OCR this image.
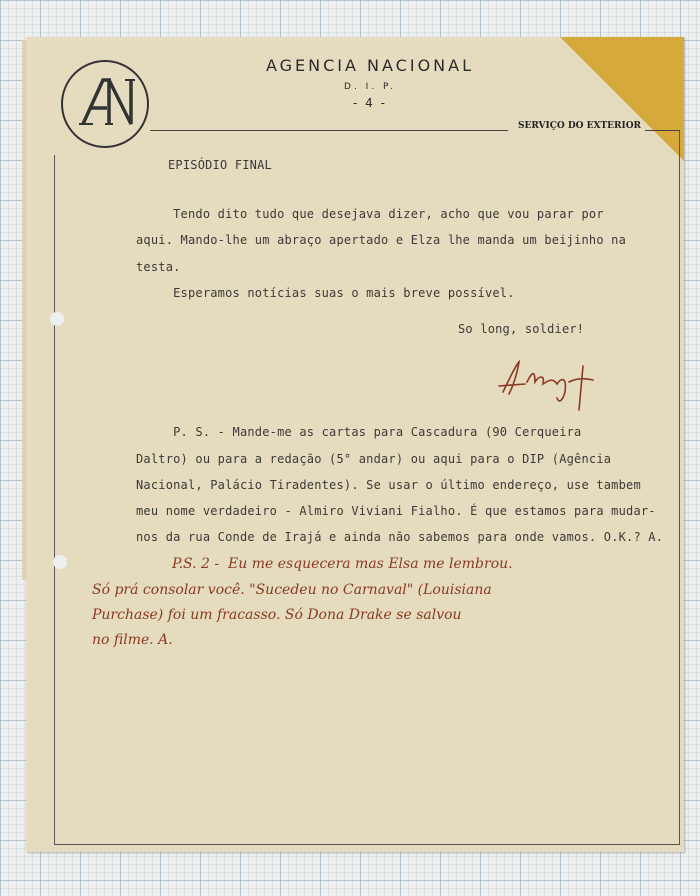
AGENCIA NACIONAL
D. I. P.
- 4 -
SERVIÇO DO EXTERIOR
EPISÓDIO FINAL
Tendo dito tudo que desejava dizer, acho que vou parar por
aqui. Mando-lhe um abraço apertado e Elza lhe manda um beijinho na
testa.
Esperamos notícias suas o mais breve possível.
So long, soldier!
P. S. - Mande-me as cartas para Cascadura (90 Cerqueira
Daltro) ou para a redação (5° andar) ou aqui para o DIP (Agência
Nacional, Palácio Tiradentes). Se usar o último endereço, use tambem
meu nome verdadeiro - Almiro Viviani Fialho. É que estamos para mudar-
nos da rua Conde de Irajá e ainda não sabemos para onde vamos. O.K.? A.
P.S. 2 -  Eu me esquecera mas Elsa me lembrou.
Só prá consolar você. "Sucedeu no Carnaval" (Louisiana
Purchase) foi um fracasso. Só Dona Drake se salvou
no filme. A.
